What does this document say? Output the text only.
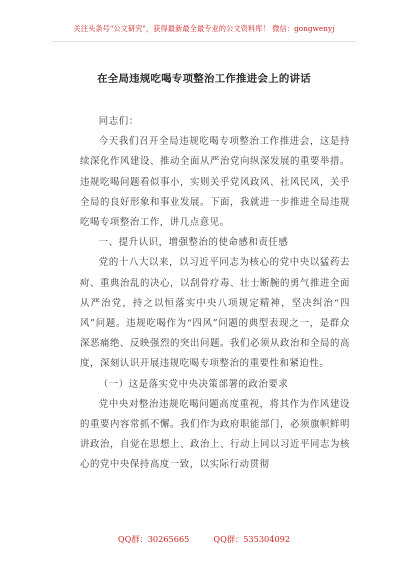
关注头条号"公文研究"，获得最新最全最专业的公文资料库！ 微信：gongwenyj
在全局违规吃喝专项整治工作推进会上的讲话

同志们：

今天我们召开全局违规吃喝专项整治工作推进会，这是持续深化作风建设、推动全面从严治党向纵深发展的重要举措。违规吃喝问题看似事小，实则关乎党风政风、社风民风，关乎全局的良好形象和事业发展。下面，我就进一步推进全局违规吃喝专项整治工作，讲几点意见。

一、提升认识，增强整治的使命感和责任感

党的十八大以来，以习近平同志为核心的党中央以猛药去疴、重典治乱的决心，以刮骨疗毒、壮士断腕的勇气推进全面从严治党，持之以恒落实中央八项规定精神，坚决纠治“四风”问题。违规吃喝作为“四风”问题的典型表现之一，是群众深恶痛绝、反映强烈的突出问题。我们必须从政治和全局的高度，深刻认识开展违规吃喝专项整治的重要性和紧迫性。

（一）这是落实党中央决策部署的政治要求

党中央对整治违规吃喝问题高度重视，将其作为作风建设的重要内容常抓不懈。我们作为政府职能部门，必须旗帜鲜明讲政治，自觉在思想上、政治上、行动上同以习近平同志为核心的党中央保持高度一致，以实际行动贯彻

QQ群：30265665	QQ群：535304092
